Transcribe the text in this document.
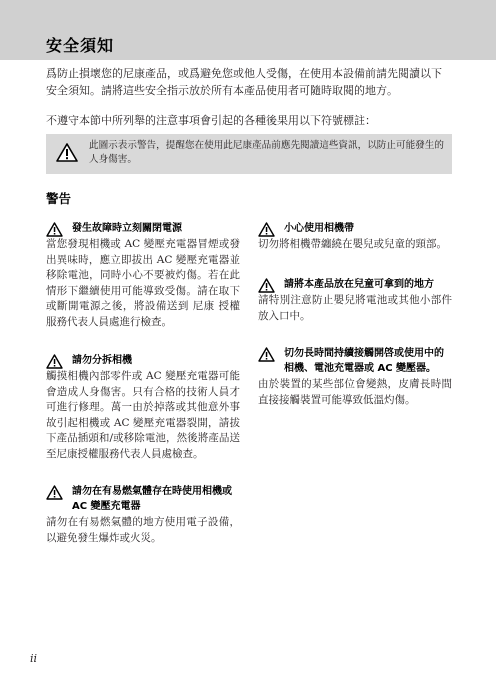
安全須知

爲防止損壞您的尼康產品，或爲避免您或他人受傷，在使用本設備前請先閱讀以下安全須知。請將這些安全指示放於所有本產品使用者可隨時取閱的地方。

不遵守本節中所列舉的注意事項會引起的各種後果用以下符號標註：

此圖示表示警告，提醒您在使用此尼康產品前應先閱讀這些資訊，以防止可能發生的人身傷害。
警告
發生故障時立刻關閉電源
當您發現相機或 AC 變壓充電器冒煙或發出異味時，應立即拔出 AC 變壓充電器並移除電池，同時小心不要被灼傷。若在此情形下繼續使用可能導致受傷。請在取下或斷開電源之後，將設備送到 尼康 授權服務代表人員處進行檢查。
請勿分拆相機
觸摸相機內部零件或 AC 變壓充電器可能會造成人身傷害。只有合格的技術人員才可進行修理。萬一由於掉落或其他意外事故引起相機或 AC 變壓充電器裂開，請拔下產品插頭和/或移除電池，然後將產品送至尼康授權服務代表人員處檢查。
請勿在有易燃氣體存在時使用相機或 AC 變壓充電器
請勿在有易燃氣體的地方使用電子設備，以避免發生爆炸或火災。
小心使用相機帶
切勿將相機帶纏繞在嬰兒或兒童的頸部。
請將本產品放在兒童可拿到的地方
請特別注意防止嬰兒將電池或其他小部件放入口中。
切勿長時間持續接觸開啓或使用中的相機、電池充電器或 AC 變壓器。
由於裝置的某些部位會變熱，皮膚長時間直接接觸裝置可能導致低溫灼傷。
ii
